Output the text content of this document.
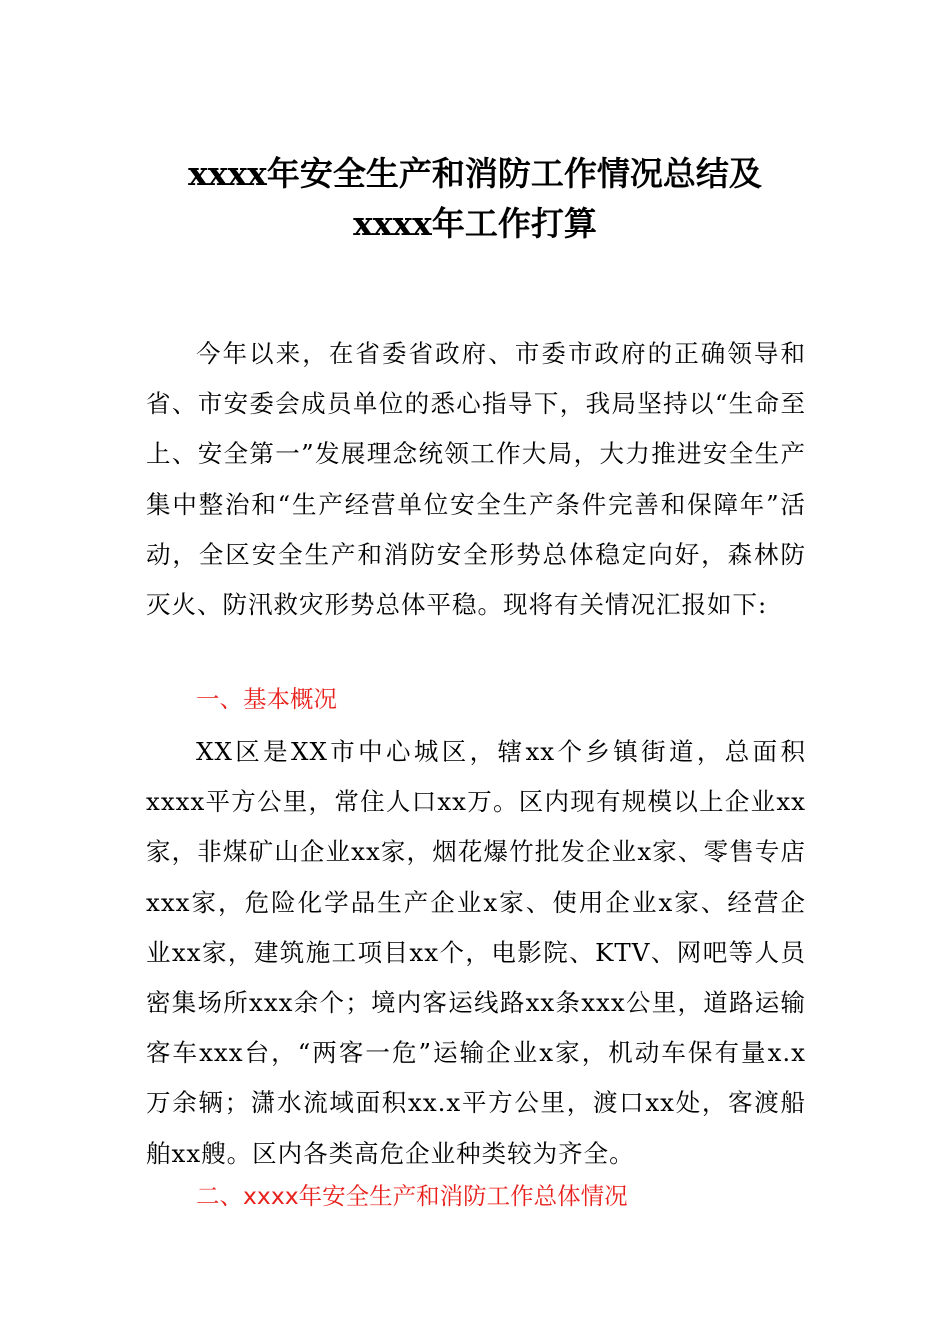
xxxx年安全生产和消防工作情况总结及
xxxx年工作打算

今年以来，在省委省政府、市委市政府的正确领导和省、市安委会成员单位的悉心指导下，我局坚持以“生命至上、安全第一”发展理念统领工作大局，大力推进安全生产集中整治和“生产经营单位安全生产条件完善和保障年”活动，全区安全生产和消防安全形势总体稳定向好，森林防灭火、防汛救灾形势总体平稳。现将有关情况汇报如下:

一、基本概况

XX区是XX市中心城区，辖xx个乡镇街道，总面积xxxx平方公里，常住人口xx万。区内现有规模以上企业xx家，非煤矿山企业xx家，烟花爆竹批发企业x家、零售专店xxx家，危险化学品生产企业x家、使用企业x家、经营企业xx家，建筑施工项目xx个，电影院、KTV、网吧等人员密集场所xxx余个；境内客运线路xx条xxx公里，道路运输客车xxx台，“两客一危”运输企业x家，机动车保有量x.x万余辆；潇水流域面积xx.x平方公里，渡口xx处，客渡船舶xx艘。区内各类高危企业种类较为齐全。

二、xxxx年安全生产和消防工作总体情况
